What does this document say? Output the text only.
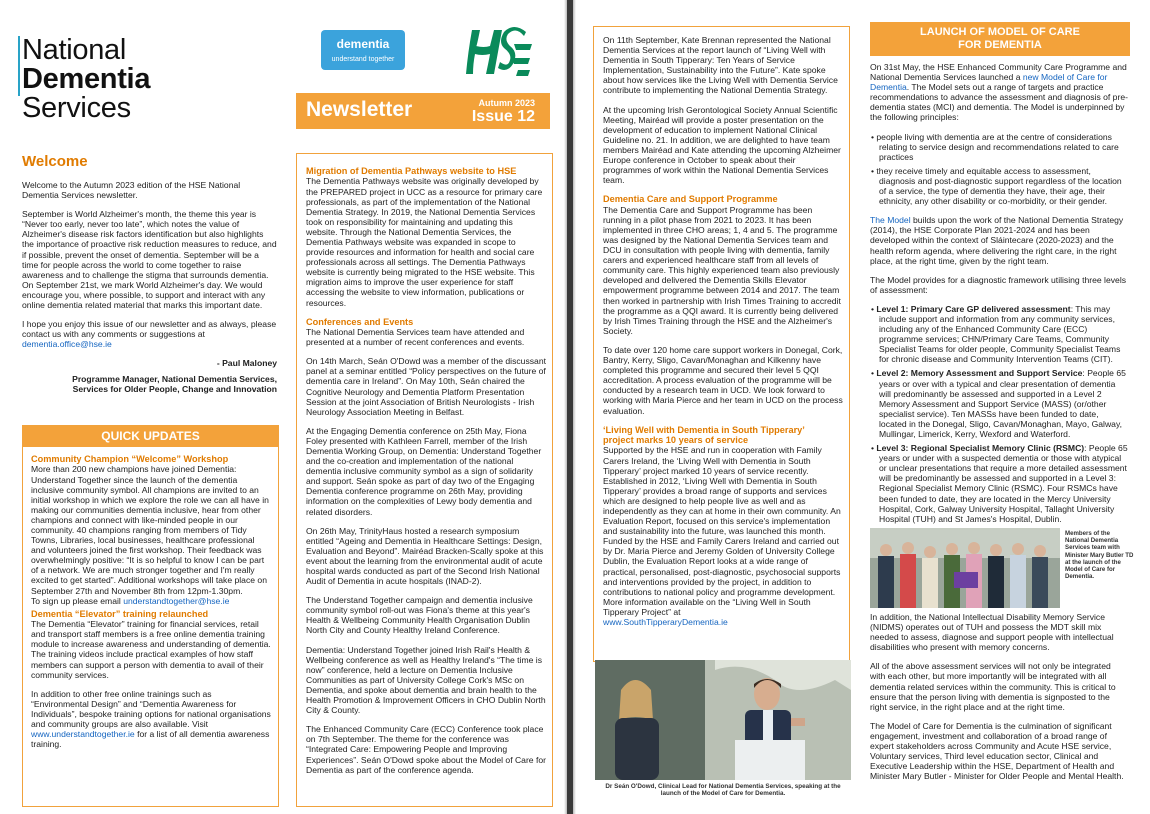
National
Dementia
Services
dementia
understand together
HSE
Newsletter	Autumn 2023
Issue 12
Welcome

Welcome to the Autumn 2023 edition of the HSE National Dementia Services newsletter.

September is World Alzheimer's month, the theme this year is “Never too early, never too late”, which notes the value of Alzheimer's disease risk factors identification but also highlights the importance of proactive risk reduction measures to reduce, and if possible, prevent the onset of dementia. September will be a time for people across the world to come together to raise awareness and to challenge the stigma that surrounds dementia. On September 21st, we mark World Alzheimer's day. We would encourage you, where possible, to support and interact with any online dementia related material that marks this important date.

I hope you enjoy this issue of our newsletter and as always, please contact us with any comments or suggestions at

dementia.office@hse.ie

- Paul Maloney
Programme Manager, National Dementia Services,
Services for Older People, Change and Innovation
QUICK UPDATES
Community Champion “Welcome” Workshop

More than 200 new champions have joined Dementia: Understand Together since the launch of the dementia inclusive community symbol. All champions are invited to an initial workshop in which we explore the role we can all have in making our communities dementia inclusive, hear from other champions and connect with like-minded people in our community. 40 champions ranging from members of Tidy Towns, Libraries, local businesses, healthcare professional and volunteers joined the first workshop. Their feedback was overwhelmingly positive: “It is so helpful to know I can be part of a network. We are much stronger together and I'm really excited to get started”. Additional workshops will take place on September 27th and November 8th from 12pm-1.30pm.

To sign up please email understandtogether@hse.ie

Dementia “Elevator” training relaunched

The Dementia “Elevator” training for financial services, retail and transport staff members is a free online dementia training module to increase awareness and understanding of dementia. The training videos include practical examples of how staff members can support a person with dementia to avail of their community services.

In addition to other free online trainings such as “Environmental Design” and “Dementia Awareness for Individuals”, bespoke training options for national organisations and community groups are also available. Visit www.understandtogether.ie for a list of all dementia awareness training.

Migration of Dementia Pathways website to HSE

The Dementia Pathways website was originally developed by the PREPARED project in UCC as a resource for primary care professionals, as part of the implementation of the National Dementia Strategy. In 2019, the National Dementia Services took on responsibility for maintaining and updating this website. Through the National Dementia Services, the Dementia Pathways website was expanded in scope to provide resources and information for health and social care professionals across all settings. The Dementia Pathways website is currently being migrated to the HSE website. This migration aims to improve the user experience for staff accessing the website to view information, publications or resources.

Conferences and Events

The National Dementia Services team have attended and presented at a number of recent conferences and events.

On 14th March, Seán O'Dowd was a member of the discussant panel at a seminar entitled “Policy perspectives on the future of dementia care in Ireland”. On May 10th, Seán chaired the Cognitive Neurology and Dementia Platform Presentation Session at the joint Association of British Neurologists - Irish Neurology Association Meeting in Belfast.

At the Engaging Dementia conference on 25th May, Fiona Foley presented with Kathleen Farrell, member of the Irish Dementia Working Group, on Dementia: Understand Together and the co-creation and implementation of the national dementia inclusive community symbol as a sign of solidarity and support. Seán spoke as part of day two of the Engaging Dementia conference programme on 26th May, providing information on the complexities of Lewy body dementia and related disorders.

On 26th May, TrinityHaus hosted a research symposium entitled “Ageing and Dementia in Healthcare Settings: Design, Evaluation and Beyond”. Mairéad Bracken-Scally spoke at this event about the learning from the environmental audit of acute hospital wards conducted as part of the Second Irish National Audit of Dementia in acute hospitals (INAD-2).

The Understand Together campaign and dementia inclusive community symbol roll-out was Fiona's theme at this year's Health & Wellbeing Community Health Organisation Dublin North City and County Healthy Ireland Conference.

Dementia: Understand Together joined Irish Rail's Health & Wellbeing conference as well as Healthy Ireland's “The time is now” conference, held a lecture on Dementia Inclusive Communities as part of University College Cork's MSc on Dementia, and spoke about dementia and brain health to the Health Promotion & Improvement Officers in CHO Dublin North City & County.

The Enhanced Community Care (ECC) Conference took place on 7th September. The theme for the conference was “Integrated Care: Empowering People and Improving Experiences”. Seán O'Dowd spoke about the Model of Care for Dementia as part of the conference agenda.

On 11th September, Kate Brennan represented the National Dementia Services at the report launch of “Living Well with Dementia in South Tipperary: Ten Years of Service Implementation, Sustainability into the Future”. Kate spoke about how services like the Living Well with Dementia Service contribute to implementing the National Dementia Strategy.

At the upcoming Irish Gerontological Society Annual Scientific Meeting, Mairéad will provide a poster presentation on the development of education to implement National Clinical Guideline no. 21. In addition, we are delighted to have team members Mairéad and Kate attending the upcoming Alzheimer Europe conference in October to speak about their programmes of work within the National Dementia Services team.

Dementia Care and Support Programme

The Dementia Care and Support Programme has been running in a pilot phase from 2021 to 2023. It has been implemented in three CHO areas; 1, 4 and 5. The programme was designed by the National Dementia Services team and DCU in consultation with people living with dementia, family carers and experienced healthcare staff from all levels of community care. This highly experienced team also previously developed and delivered the Dementia Skills Elevator empowerment programme between 2014 and 2017. The team then worked in partnership with Irish Times Training to accredit the programme as a QQI award. It is currently being delivered by Irish Times Training through the HSE and the Alzheimer's Society.

To date over 120 home care support workers in Donegal, Cork, Bantry, Kerry, Sligo, Cavan/Monaghan and Kilkenny have completed this programme and secured their level 5 QQI accreditation. A process evaluation of the programme will be conducted by a research team in UCD. We look forward to working with Maria Pierce and her team in UCD on the process evaluation.

‘Living Well with Dementia in South Tipperary’
project marks 10 years of service

Supported by the HSE and run in cooperation with Family Carers Ireland, the ‘Living Well with Dementia in South Tipperary’ project marked 10 years of service recently. Established in 2012, ‘Living Well with Dementia in South Tipperary’ provides a broad range of supports and services which are designed to help people live as well and as independently as they can at home in their own community. An Evaluation Report, focused on this service's implementation and sustainability into the future, was launched this month. Funded by the HSE and Family Carers Ireland and carried out by Dr. Maria Pierce and Jeremy Golden of University College Dublin, the Evaluation Report looks at a wide range of practical, personalised, post-diagnostic, psychosocial supports and interventions provided by the project, in addition to contributions to national policy and programme development. More information available on the “Living Well in South Tipperary Project” at
www.SouthTipperaryDementia.ie

Dr Seán O'Dowd, Clinical Lead for National Dementia Services, speaking at the launch of the Model of Care for Dementia.
LAUNCH OF MODEL OF CARE
FOR DEMENTIA

On 31st May, the HSE Enhanced Community Care Programme and National Dementia Services launched a new Model of Care for Dementia. The Model sets out a range of targets and practice recommendations to advance the assessment and diagnosis of pre-dementia states (MCI) and dementia. The Model is underpinned by the following principles:

• people living with dementia are at the centre of considerations relating to service design and recommendations related to care practices

• they receive timely and equitable access to assessment, diagnosis and post-diagnostic support regardless of the location of a service, the type of dementia they have, their age, their ethnicity, any other disability or co-morbidity, or their gender.

The Model builds upon the work of the National Dementia Strategy (2014), the HSE Corporate Plan 2021-2024 and has been developed within the context of Sláintecare (2020-2023) and the health reform agenda, where delivering the right care, in the right place, at the right time, given by the right team.

The Model provides for a diagnostic framework utilising three levels of assessment:

• Level 1: Primary Care GP delivered assessment: This may include support and information from any community services, including any of the Enhanced Community Care (ECC) programme services; CHN/Primary Care Teams, Community Specialist Teams for older people, Community Specialist Teams for chronic disease and Community Intervention Teams (CIT).

• Level 2: Memory Assessment and Support Service: People 65 years or over with a typical and clear presentation of dementia will predominantly be assessed and supported in a Level 2 Memory Assessment and Support Service (MASS) (or/other specialist service). Ten MASSs have been funded to date, located in the Donegal, Sligo, Cavan/Monaghan, Mayo, Galway, Mullingar, Limerick, Kerry, Wexford and Waterford.

• Level 3: Regional Specialist Memory Clinic (RSMC): People 65 years or under with a suspected dementia or those with atypical or unclear presentations that require a more detailed assessment will be predominantly be assessed and supported in a Level 3: Regional Specialist Memory Clinic (RSMC). Four RSMCs have been funded to date, they are located in the Mercy University Hospital, Cork, Galway University Hospital, Tallaght University Hospital (TUH) and St James's Hospital, Dublin.

Members of the National Dementia Services team with Minister Mary Butler TD at the launch of the Model of Care for Dementia.

In addition, the National Intellectual Disability Memory Service (NIDMS) operates out of TUH and possess the MDT skill mix needed to assess, diagnose and support people with intellectual disabilities who present with memory concerns.

All of the above assessment services will not only be integrated with each other, but more importantly will be integrated with all dementia related services within the community. This is critical to ensure that the person living with dementia is signposted to the right service, in the right place and at the right time.

The Model of Care for Dementia is the culmination of significant engagement, investment and collaboration of a broad range of expert stakeholders across Community and Acute HSE service, Voluntary services, Third level education sector, Clinical and Executive Leadership within the HSE, Department of Health and Minister Mary Butler - Minister for Older People and Mental Health.
